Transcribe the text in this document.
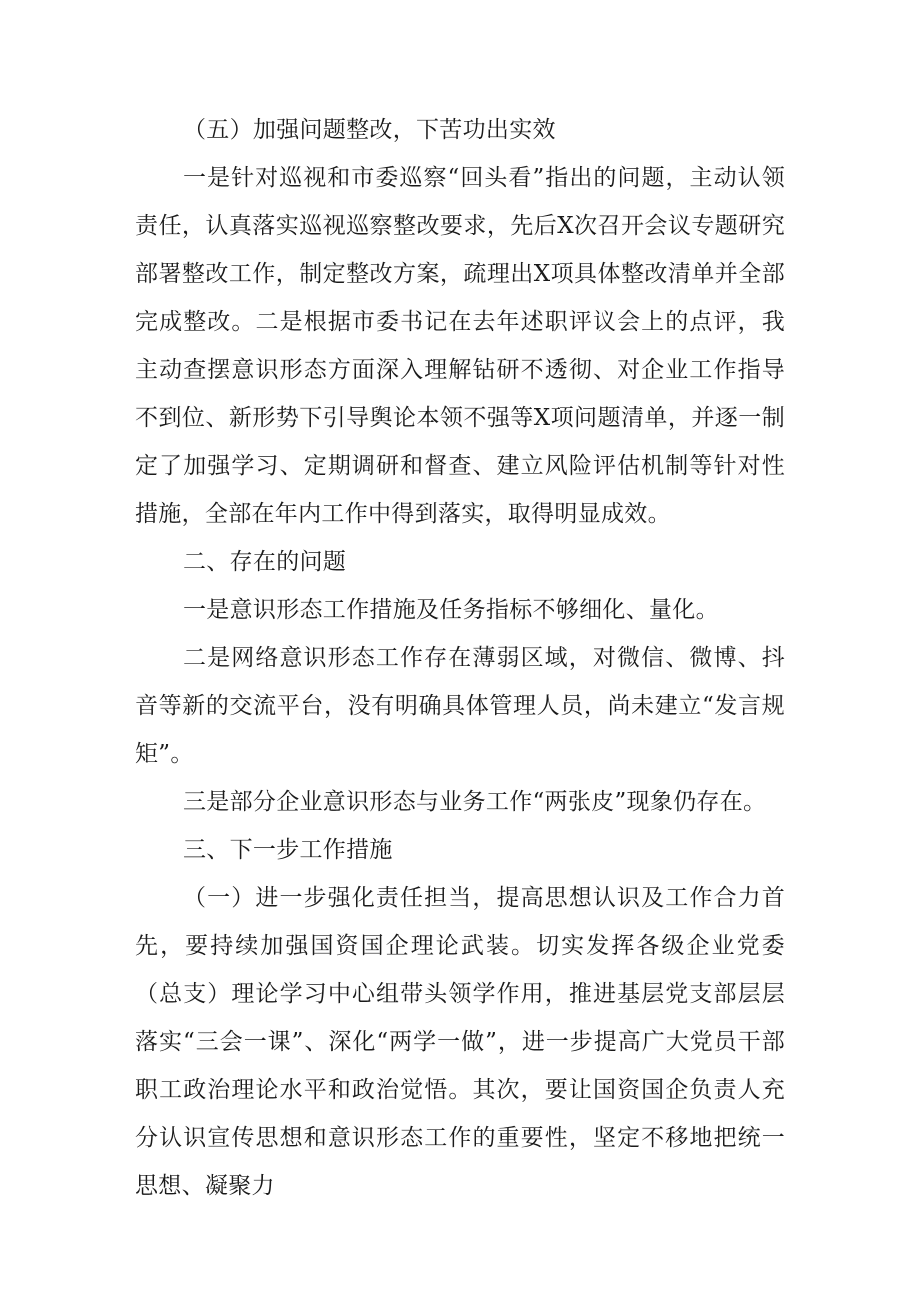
（五）加强问题整改，下苦功出实效

一是针对巡视和市委巡察“回头看”指出的问题，主动认领责任，认真落实巡视巡察整改要求，先后X次召开会议专题研究部署整改工作，制定整改方案，疏理出X项具体整改清单并全部完成整改。二是根据市委书记在去年述职评议会上的点评，我主动查摆意识形态方面深入理解钻研不透彻、对企业工作指导不到位、新形势下引导舆论本领不强等X项问题清单，并逐一制定了加强学习、定期调研和督查、建立风险评估机制等针对性措施，全部在年内工作中得到落实，取得明显成效。

二、存在的问题

一是意识形态工作措施及任务指标不够细化、量化。

二是网络意识形态工作存在薄弱区域，对微信、微博、抖音等新的交流平台，没有明确具体管理人员，尚未建立“发言规矩”。

三是部分企业意识形态与业务工作“两张皮”现象仍存在。

三、下一步工作措施

（一）进一步强化责任担当，提高思想认识及工作合力首先，要持续加强国资国企理论武装。切实发挥各级企业党委（总支）理论学习中心组带头领学作用，推进基层党支部层层落实“三会一课”、深化“两学一做”，进一步提高广大党员干部职工政治理论水平和政治觉悟。其次，要让国资国企负责人充分认识宣传思想和意识形态工作的重要性，坚定不移地把统一思想、凝聚力
